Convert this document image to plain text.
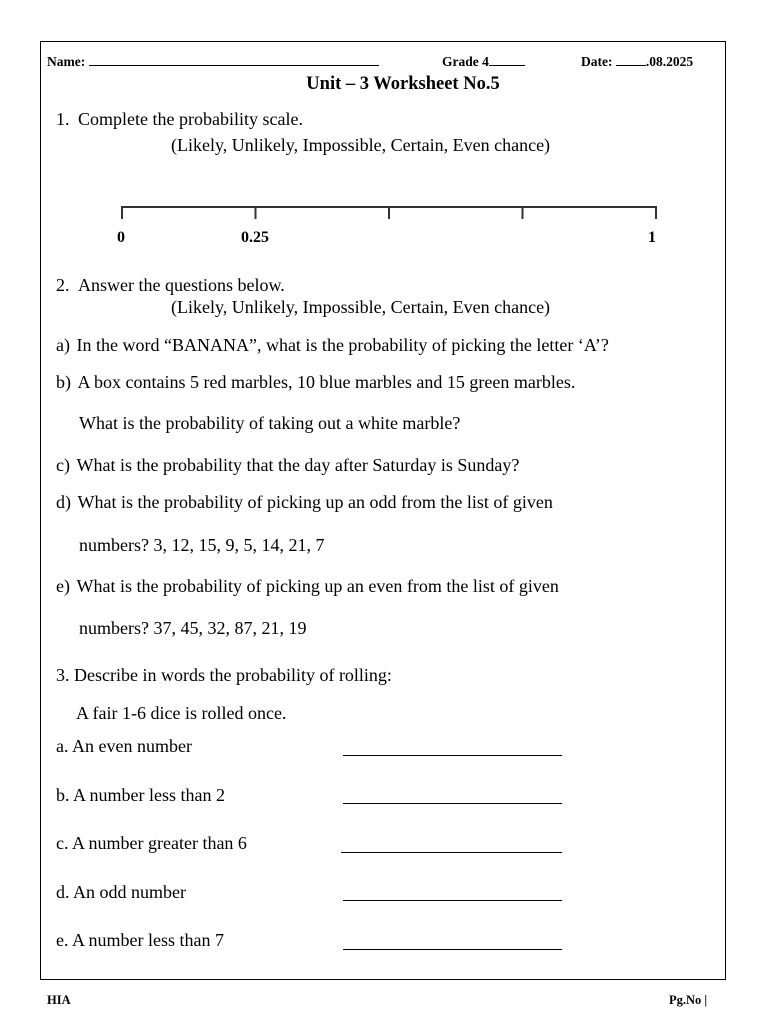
Name:	Grade 4	Date: .08.2025
Unit – 3 Worksheet No.5
1. Complete the probability scale.
(Likely, Unlikely, Impossible, Certain, Even chance)
0	0.25	1
2. Answer the questions below.
(Likely, Unlikely, Impossible, Certain, Even chance)
a) In the word “BANANA”, what is the probability of picking the letter ‘A’?
b) A box contains 5 red marbles, 10 blue marbles and 15 green marbles.
What is the probability of taking out a white marble?
c) What is the probability that the day after Saturday is Sunday?
d) What is the probability of picking up an odd from the list of given
numbers? 3, 12, 15, 9, 5, 14, 21, 7
e) What is the probability of picking up an even from the list of given
numbers? 37, 45, 32, 87, 21, 19
3. Describe in words the probability of rolling:
A fair 1-6 dice is rolled once.
a. An even number
b. A number less than 2
c. A number greater than 6
d. An odd number
e. A number less than 7
HIA	Pg.No |
